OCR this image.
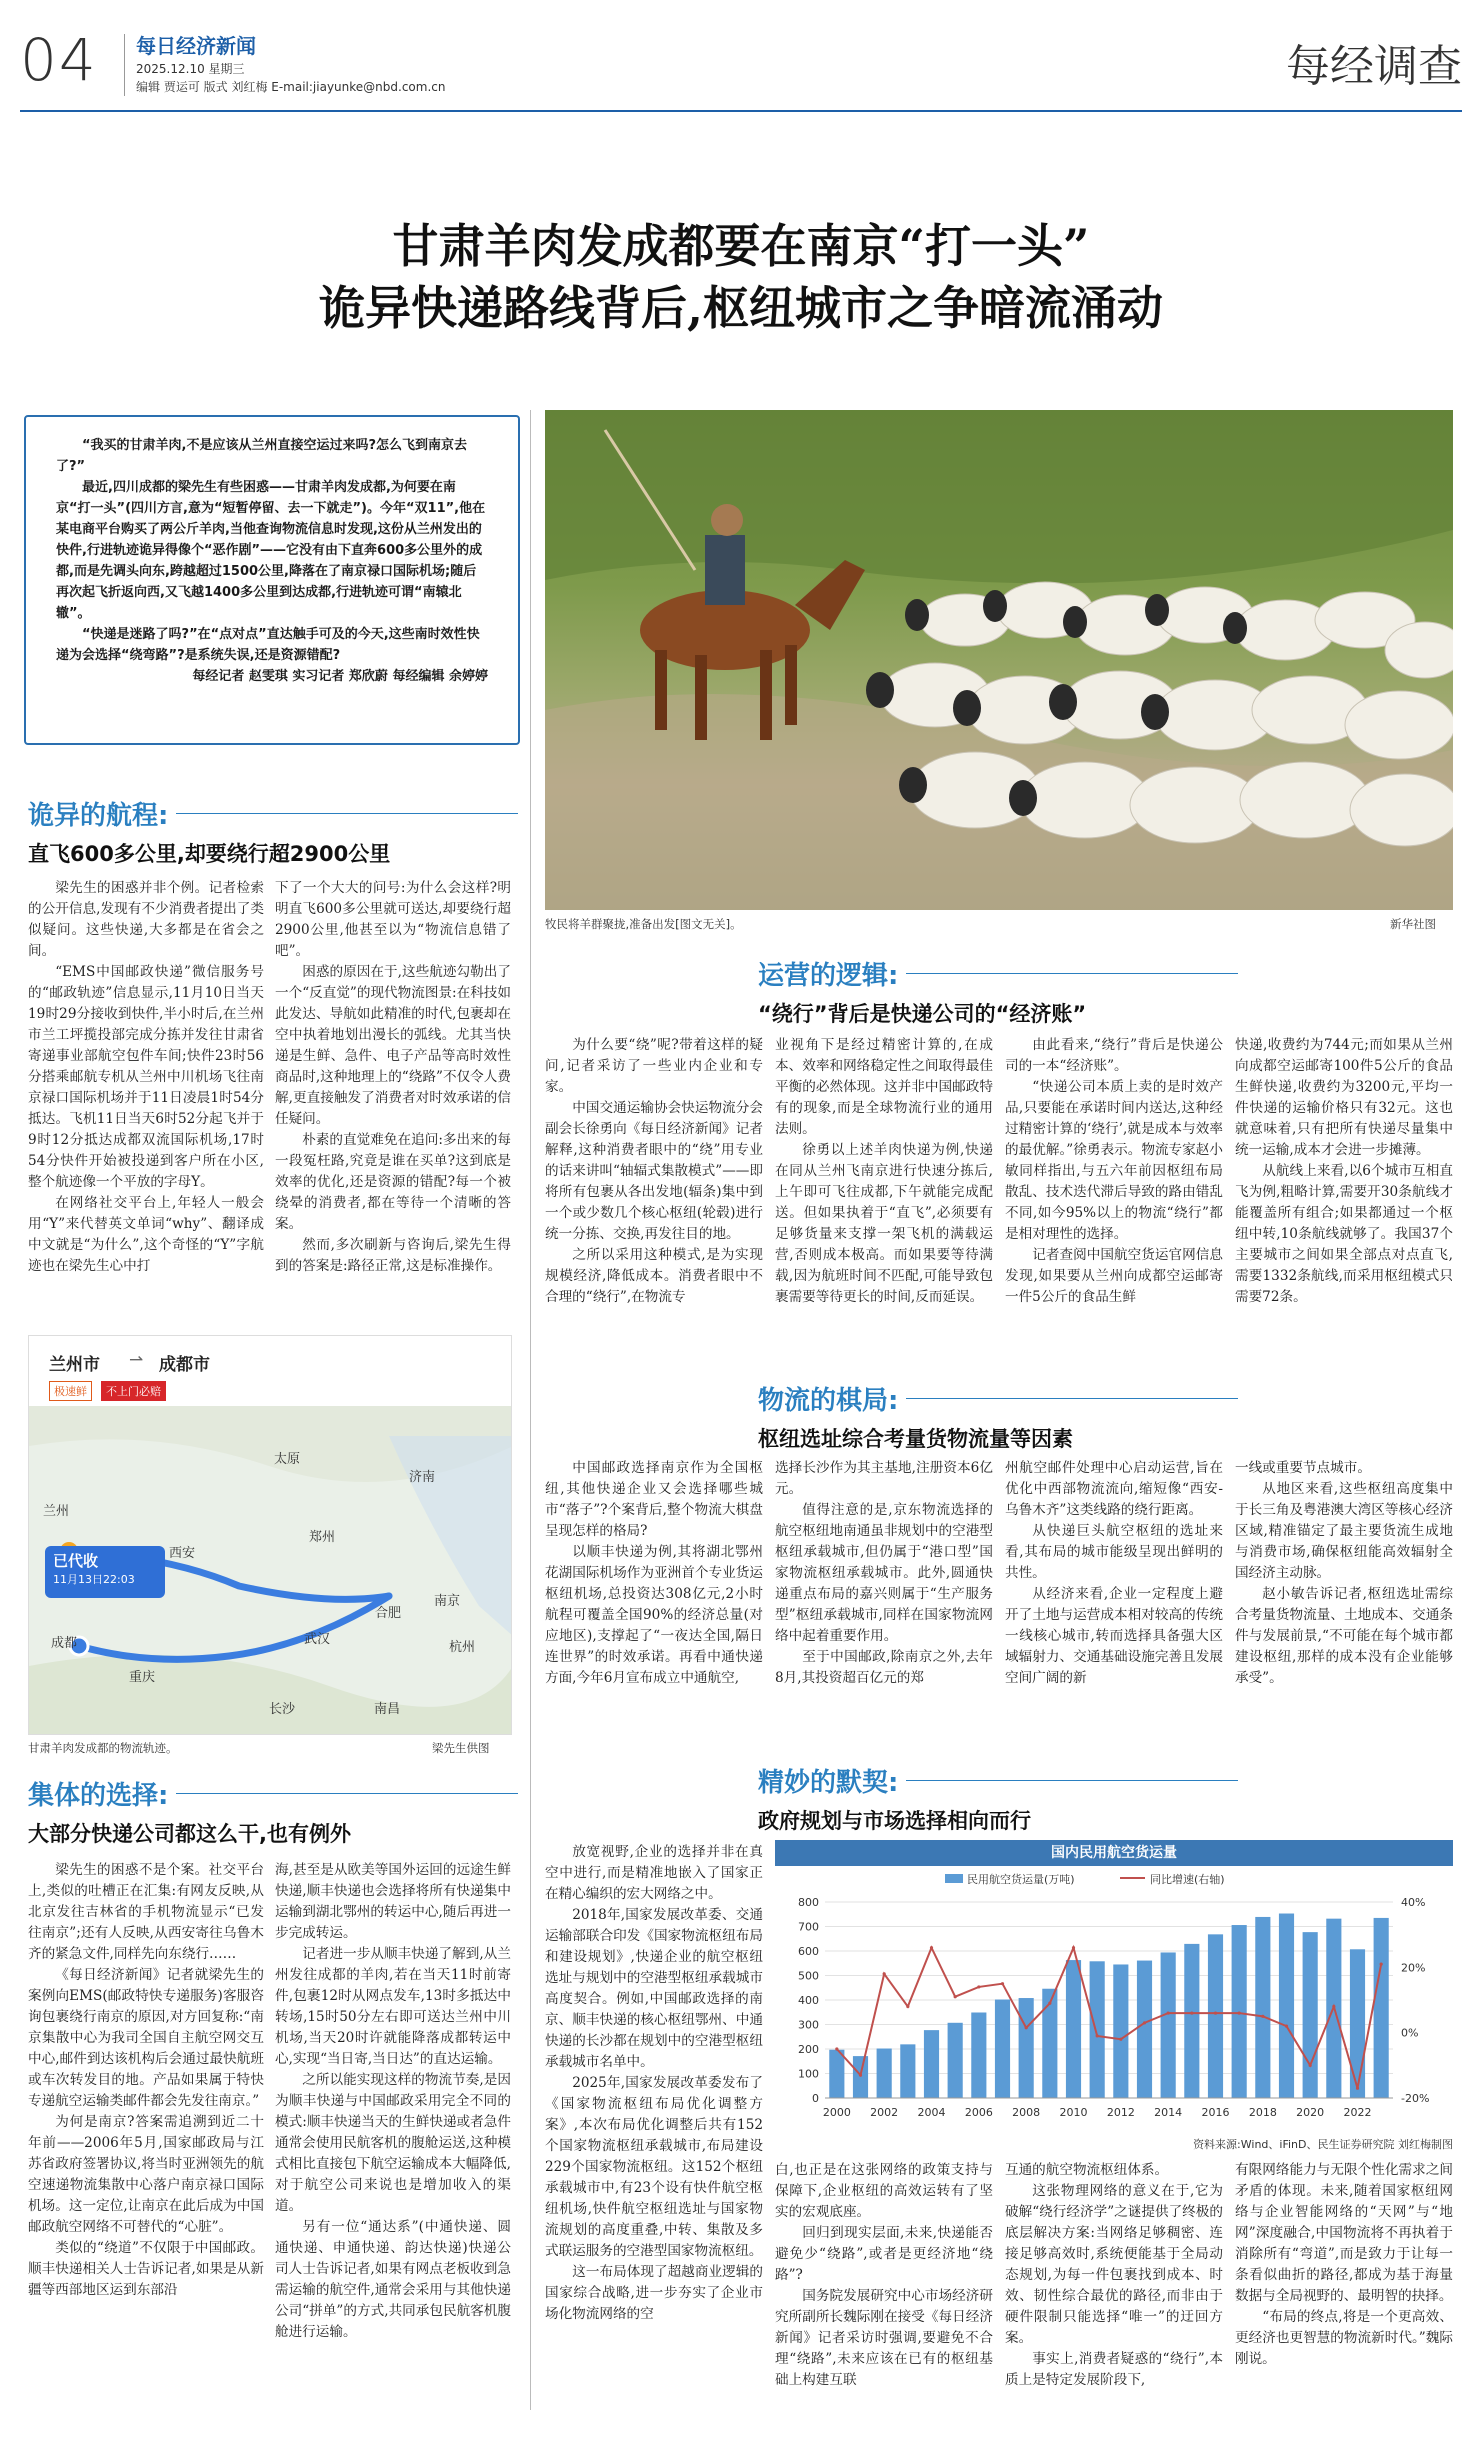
04 每日经济新闻
2025.12.10 星期三
编辑 贾运可 版式 刘红梅 E-mail:jiayunke@nbd.com.cn	每经调查
甘肃羊肉发成都要在南京“打一头”
诡异快递路线背后,枢纽城市之争暗流涌动

“我买的甘肃羊肉,不是应该从兰州直接空运过来吗?怎么飞到南京去了?”

最近,四川成都的梁先生有些困惑——甘肃羊肉发成都,为何要在南京“打一头”(四川方言,意为“短暂停留、去一下就走”)。今年“双11”,他在某电商平台购买了两公斤羊肉,当他查询物流信息时发现,这份从兰州发出的快件,行进轨迹诡异得像个“恶作剧”——它没有由下直奔600多公里外的成都,而是先调头向东,跨越超过1500公里,降落在了南京禄口国际机场;随后再次起飞折返向西,又飞越1400多公里到达成都,行进轨迹可谓“南辕北辙”。

“快递是迷路了吗?”在“点对点”直达触手可及的今天,这些南时效性快递为会选择“绕弯路”?是系统失误,还是资源错配?

每经记者 赵雯琪 实习记者 郑欣蔚 每经编辑 余婷婷

牧民将羊群聚拢,准备出发[图文无关]。	新华社图
诡异的航程:
直飞600多公里,却要绕行超2900公里

梁先生的困惑并非个例。记者检索的公开信息,发现有不少消费者提出了类似疑问。这些快递,大多都是在省会之间。

“EMS中国邮政快递”微信服务号的“邮政轨迹”信息显示,11月10日当天19时29分接收到快件,半小时后,在兰州市兰工坪揽投部完成分拣并发往甘肃省寄递事业部航空包件车间;快件23时56分搭乘邮航专机从兰州中川机场飞往南京禄口国际机场并于11日凌晨1时54分抵达。飞机11日当天6时52分起飞并于9时12分抵达成都双流国际机场,17时54分快件开始被投递到客户所在小区,整个航迹像一个平放的字母Y。

在网络社交平台上,年轻人一般会用“Y”来代替英文单词“why”、翻译成中文就是“为什么”,这个奇怪的“Y”字航迹也在梁先生心中打

下了一个大大的问号:为什么会这样?明明直飞600多公里就可送达,却要绕行超2900公里,他甚至以为“物流信息错了吧”。

困惑的原因在于,这些航迹勾勒出了一个“反直觉”的现代物流图景:在科技如此发达、导航如此精准的时代,包裹却在空中执着地划出漫长的弧线。尤其当快递是生鲜、急件、电子产品等高时效性商品时,这种地理上的“绕路”不仅令人费解,更直接触发了消费者对时效承诺的信任疑问。

朴素的直觉难免在追问:多出来的每一段冤枉路,究竟是谁在买单?这到底是效率的优化,还是资源的错配?每一个被绕晕的消费者,都在等待一个清晰的答案。

然而,多次刷新与咨询后,梁先生得到的答案是:路径正常,这是标准操作。

兰州市 ⇀ 成都市
极速鲜	不上门必赔
已代收
11月13日22:03
太原
济南
兰州
西安
郑州
南京
合肥
成都	武汉
杭州
重庆
长沙	南昌
甘肃羊肉发成都的物流轨迹。	梁先生供图
集体的选择:
大部分快递公司都这么干,也有例外

梁先生的困惑不是个案。社交平台上,类似的吐槽正在汇集:有网友反映,从北京发往吉林省的手机物流显示“已发往南京”;还有人反映,从西安寄往乌鲁木齐的紧急文件,同样先向东绕行……

《每日经济新闻》记者就梁先生的案例向EMS(邮政特快专递服务)客服咨询包裹绕行南京的原因,对方回复称:“南京集散中心为我司全国自主航空网交互中心,邮件到达该机构后会通过最快航班或车次转发目的地。产品如果属于特快专递航空运输类邮件都会先发往南京。”

为何是南京?答案需追溯到近二十年前——2006年5月,国家邮政局与江苏省政府签署协议,将当时亚洲领先的航空速递物流集散中心落户南京禄口国际机场。这一定位,让南京在此后成为中国邮政航空网络不可替代的“心脏”。

类似的“绕道”不仅限于中国邮政。顺丰快递相关人士告诉记者,如果是从新疆等西部地区运到东部沿

海,甚至是从欧美等国外运回的远途生鲜快递,顺丰快递也会选择将所有快递集中运输到湖北鄂州的转运中心,随后再进一步完成转运。

记者进一步从顺丰快递了解到,从兰州发往成都的羊肉,若在当天11时前寄件,包裹12时从网点发车,13时多抵达中转场,15时50分左右即可送达兰州中川机场,当天20时许就能降落成都转运中心,实现“当日寄,当日达”的直达运输。

之所以能实现这样的物流节奏,是因为顺丰快递与中国邮政采用完全不同的模式:顺丰快递当天的生鲜快递或者急件通常会使用民航客机的腹舱运送,这种模式相比直接包下航空运输成本大幅降低,对于航空公司来说也是增加收入的渠道。

另有一位“通达系”(中通快递、圆通快递、申通快递、韵达快递)快递公司人士告诉记者,如果有网点老板收到急需运输的航空件,通常会采用与其他快递公司“拼单”的方式,共同承包民航客机腹舱进行运输。

运营的逻辑:
“绕行”背后是快递公司的“经济账”

为什么要“绕”呢?带着这样的疑问,记者采访了一些业内企业和专家。

中国交通运输协会快运物流分会副会长徐勇向《每日经济新闻》记者解释,这种消费者眼中的“绕”用专业的话来讲叫“轴辐式集散模式”——即将所有包裹从各出发地(辐条)集中到一个或少数几个核心枢纽(轮毂)进行统一分拣、交换,再发往目的地。

之所以采用这种模式,是为实现规模经济,降低成本。消费者眼中不合理的“绕行”,在物流专

业视角下是经过精密计算的,在成本、效率和网络稳定性之间取得最佳平衡的必然体现。这并非中国邮政特有的现象,而是全球物流行业的通用法则。

徐勇以上述羊肉快递为例,快递在同从兰州飞南京进行快速分拣后,上午即可飞往成都,下午就能完成配送。但如果执着于“直飞”,必须要有足够货量来支撑一架飞机的满载运营,否则成本极高。而如果要等待满载,因为航班时间不匹配,可能导致包裹需要等待更长的时间,反而延误。

由此看来,“绕行”背后是快递公司的一本“经济账”。

“快递公司本质上卖的是时效产品,只要能在承诺时间内送达,这种经过精密计算的‘绕行’,就是成本与效率的最优解。”徐勇表示。物流专家赵小敏同样指出,与五六年前因枢纽布局散乱、技术迭代滞后导致的路由错乱不同,如今95%以上的物流“绕行”都是相对理性的选择。

记者查阅中国航空货运官网信息发现,如果要从兰州向成都空运邮寄一件5公斤的食品生鲜

快递,收费约为744元;而如果从兰州向成都空运邮寄100件5公斤的食品生鲜快递,收费约为3200元,平均一件快递的运输价格只有32元。这也就意味着,只有把所有快递尽量集中统一运输,成本才会进一步摊薄。

从航线上来看,以6个城市互相直飞为例,粗略计算,需要开30条航线才能覆盖所有组合;如果都通过一个枢纽中转,10条航线就够了。我国37个主要城市之间如果全部点对点直飞,需要1332条航线,而采用枢纽模式只需要72条。

物流的棋局:
枢纽选址综合考量货物流量等因素

中国邮政选择南京作为全国枢纽,其他快递企业又会选择哪些城市“落子”?个案背后,整个物流大棋盘呈现怎样的格局?

以顺丰快递为例,其将湖北鄂州花湖国际机场作为亚洲首个专业货运枢纽机场,总投资达308亿元,2小时航程可覆盖全国90%的经济总量(对应地区),支撑起了“一夜达全国,隔日连世界”的时效承诺。再看中通快递方面,今年6月宣布成立中通航空,

选择长沙作为其主基地,注册资本6亿元。

值得注意的是,京东物流选择的航空枢纽地南通虽非规划中的空港型枢纽承载城市,但仍属于“港口型”国家物流枢纽承载城市。此外,圆通快递重点布局的嘉兴则属于“生产服务型”枢纽承载城市,同样在国家物流网络中起着重要作用。

至于中国邮政,除南京之外,去年8月,其投资超百亿元的郑

州航空邮件处理中心启动运营,旨在优化中西部物流流向,缩短像“西安-乌鲁木齐”这类线路的绕行距离。

从快递巨头航空枢纽的选址来看,其布局的城市能级呈现出鲜明的共性。

从经济来看,企业一定程度上避开了土地与运营成本相对较高的传统一线核心城市,转而选择具备强大区域辐射力、交通基础设施完善且发展空间广阔的新

一线或重要节点城市。

从地区来看,这些枢纽高度集中于长三角及粤港澳大湾区等核心经济区域,精准锚定了最主要货流生成地与消费市场,确保枢纽能高效辐射全国经济主动脉。

赵小敏告诉记者,枢纽选址需综合考量货物流量、土地成本、交通条件与发展前景,“不可能在每个城市都建设枢纽,那样的成本没有企业能够承受”。

精妙的默契:
政府规划与市场选择相向而行

放宽视野,企业的选择并非在真空中进行,而是精准地嵌入了国家正在精心编织的宏大网络之中。

2018年,国家发展改革委、交通运输部联合印发《国家物流枢纽布局和建设规划》,快递企业的航空枢纽选址与规划中的空港型枢纽承载城市高度契合。例如,中国邮政选择的南京、顺丰快递的核心枢纽鄂州、中通快递的长沙都在规划中的空港型枢纽承载城市名单中。

2025年,国家发展改革委发布了《国家物流枢纽布局优化调整方案》,本次布局优化调整后共有152个国家物流枢纽承载城市,布局建设229个国家物流枢纽。这152个枢纽承载城市中,有23个设有快件航空枢纽机场,快件航空枢纽选址与国家物流规划的高度重叠,中转、集散及多式联运服务的空港型国家物流枢纽。

这一布局体现了超越商业逻辑的国家综合战略,进一步夯实了企业市场化物流网络的空

国内民用航空货运量
民用航空货运量(万吨)	同比增速(右轴)
0
100
200
300
400
500
600
700
800
-20%
0%
20%
40%
2000 2002 2004 2006 2008 2010 2012 2014 2016 2018 2020 2022
资料来源:Wind、iFinD、民生证券研究院 刘红梅制图

白,也正是在这张网络的政策支持与保障下,企业枢纽的高效运转有了坚实的宏观底座。

回归到现实层面,未来,快递能否避免少“绕路”,或者是更经济地“绕路”?

国务院发展研究中心市场经济研究所副所长魏际刚在接受《每日经济新闻》记者采访时强调,要避免不合理“绕路”,未来应该在已有的枢纽基础上构建互联

互通的航空物流枢纽体系。

这张物理网络的意义在于,它为破解“绕行经济学”之谜提供了终极的底层解决方案:当网络足够稠密、连接足够高效时,系统便能基于全局动态规划,为每一件包裹找到成本、时效、韧性综合最优的路径,而非由于硬件限制只能选择“唯一”的迂回方案。

事实上,消费者疑惑的“绕行”,本质上是特定发展阶段下,

有限网络能力与无限个性化需求之间矛盾的体现。未来,随着国家枢纽网络与企业智能网络的“天网”与“地网”深度融合,中国物流将不再执着于消除所有“弯道”,而是致力于让每一条看似曲折的路径,都成为基于海量数据与全局视野的、最明智的抉择。

“布局的终点,将是一个更高效、更经济也更智慧的物流新时代。”魏际刚说。
